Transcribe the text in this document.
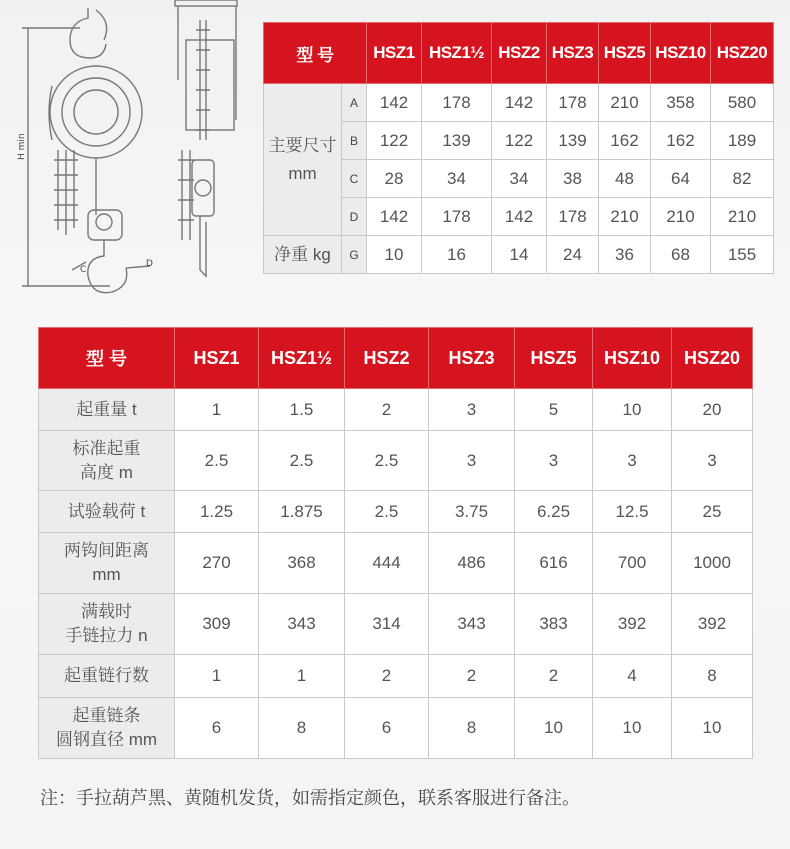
H min
C
D
型 号		HSZ1	HSZ1½	HSZ2	HSZ3	HSZ5	HSZ10	HSZ20
主要尺寸
mm	A	142	178	142	178	210	358	580
	B	122	139	122	139	162	162	189
	C	28	34	34	38	48	64	82
	D	142	178	142	178	210	210	210
净重 kg	G	10	16	14	24	36	68	155
型 号	HSZ1	HSZ1½	HSZ2	HSZ3	HSZ5	HSZ10	HSZ20
起重量 t	1	1.5	2	3	5	10	20
标准起重
高度 m	2.5	2.5	2.5	3	3	3	3
试验载荷 t	1.25	1.875	2.5	3.75	6.25	12.5	25
两钩间距离
mm	270	368	444	486	616	700	1000
满载时
手链拉力 n	309	343	314	343	383	392	392
起重链行数	1	1	2	2	2	4	8
起重链条
圆钢直径 mm	6	8	6	8	10	10	10
注：手拉葫芦黑、黄随机发货，如需指定颜色，联系客服进行备注。
